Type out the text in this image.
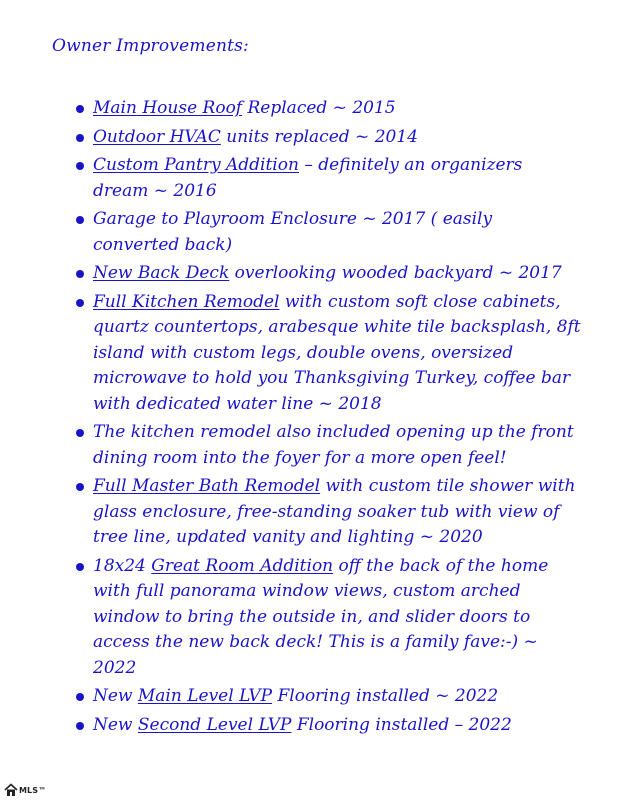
Owner Improvements:
Main House Roof Replaced ~ 2015
Outdoor HVAC units replaced ~ 2014
Custom Pantry Addition – definitely an organizers dream ~ 2016
Garage to Playroom Enclosure ~ 2017 ( easily converted back)
New Back Deck overlooking wooded backyard ~ 2017
Full Kitchen Remodel with custom soft close cabinets, quartz countertops, arabesque white tile backsplash, 8ft island with custom legs, double ovens, oversized microwave to hold you Thanksgiving Turkey, coffee bar with dedicated water line ~ 2018
The kitchen remodel also included opening up the front dining room into the foyer for a more open feel!
Full Master Bath Remodel with custom tile shower with glass enclosure, free-standing soaker tub with view of tree line, updated vanity and lighting ~ 2020
18x24 Great Room Addition off the back of the home with full panorama window views, custom arched window to bring the outside in, and slider doors to access the new back deck! This is a family fave:-) ~ 2022
New Main Level LVP Flooring installed ~ 2022
New Second Level LVP Flooring installed – 2022
MLS™
